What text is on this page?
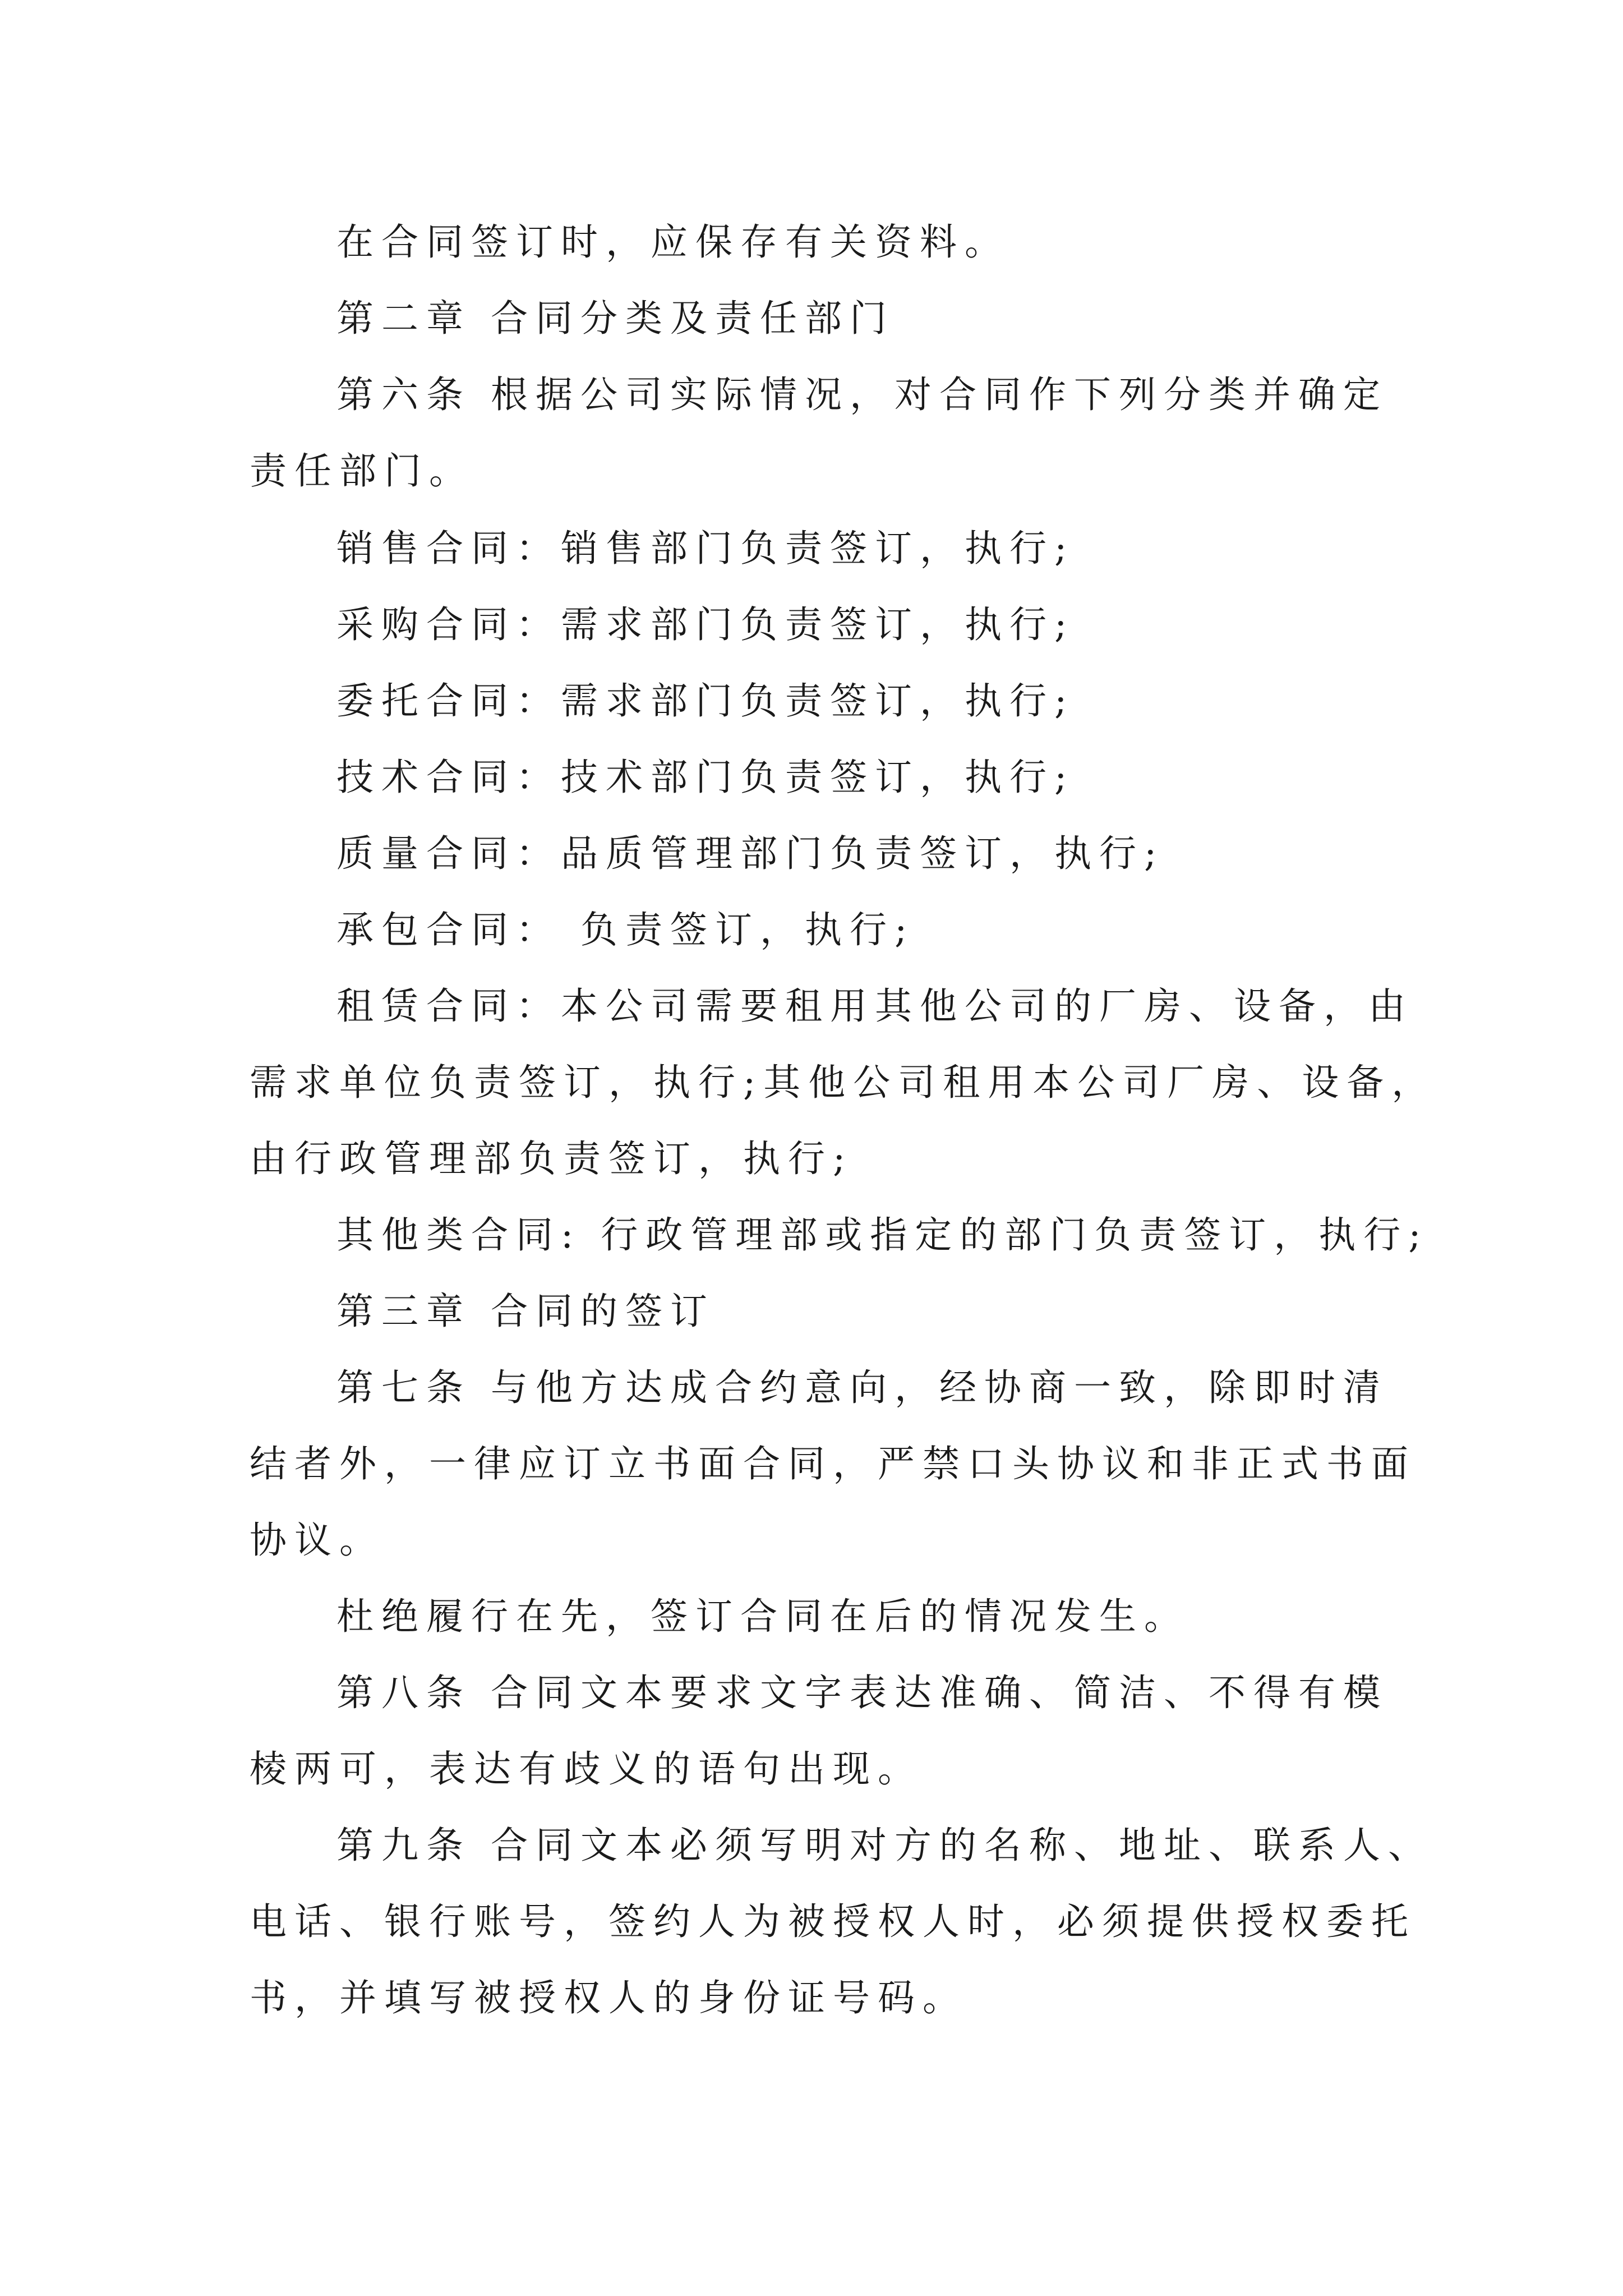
在合同签订时，应保存有关资料。

第二章 合同分类及责任部门

第六条 根据公司实际情况，对合同作下列分类并确定

责任部门。

销售合同：销售部门负责签订，执行;

采购合同：需求部门负责签订，执行;

委托合同：需求部门负责签订，执行;

技术合同：技术部门负责签订，执行;

质量合同：品质管理部门负责签订，执行;

承包合同： 负责签订，执行;

租赁合同：本公司需要租用其他公司的厂房、设备，由

需求单位负责签订，执行;其他公司租用本公司厂房、设备，

由行政管理部负责签订，执行;

其他类合同: 行政管理部或指定的部门负责签订，执行;

第三章 合同的签订

第七条 与他方达成合约意向，经协商一致，除即时清

结者外，一律应订立书面合同，严禁口头协议和非正式书面

协议。

杜绝履行在先，签订合同在后的情况发生。

第八条 合同文本要求文字表达准确、简洁、不得有模

棱两可，表达有歧义的语句出现。

第九条 合同文本必须写明对方的名称、地址、联系人、

电话、银行账号，签约人为被授权人时，必须提供授权委托

书，并填写被授权人的身份证号码。
